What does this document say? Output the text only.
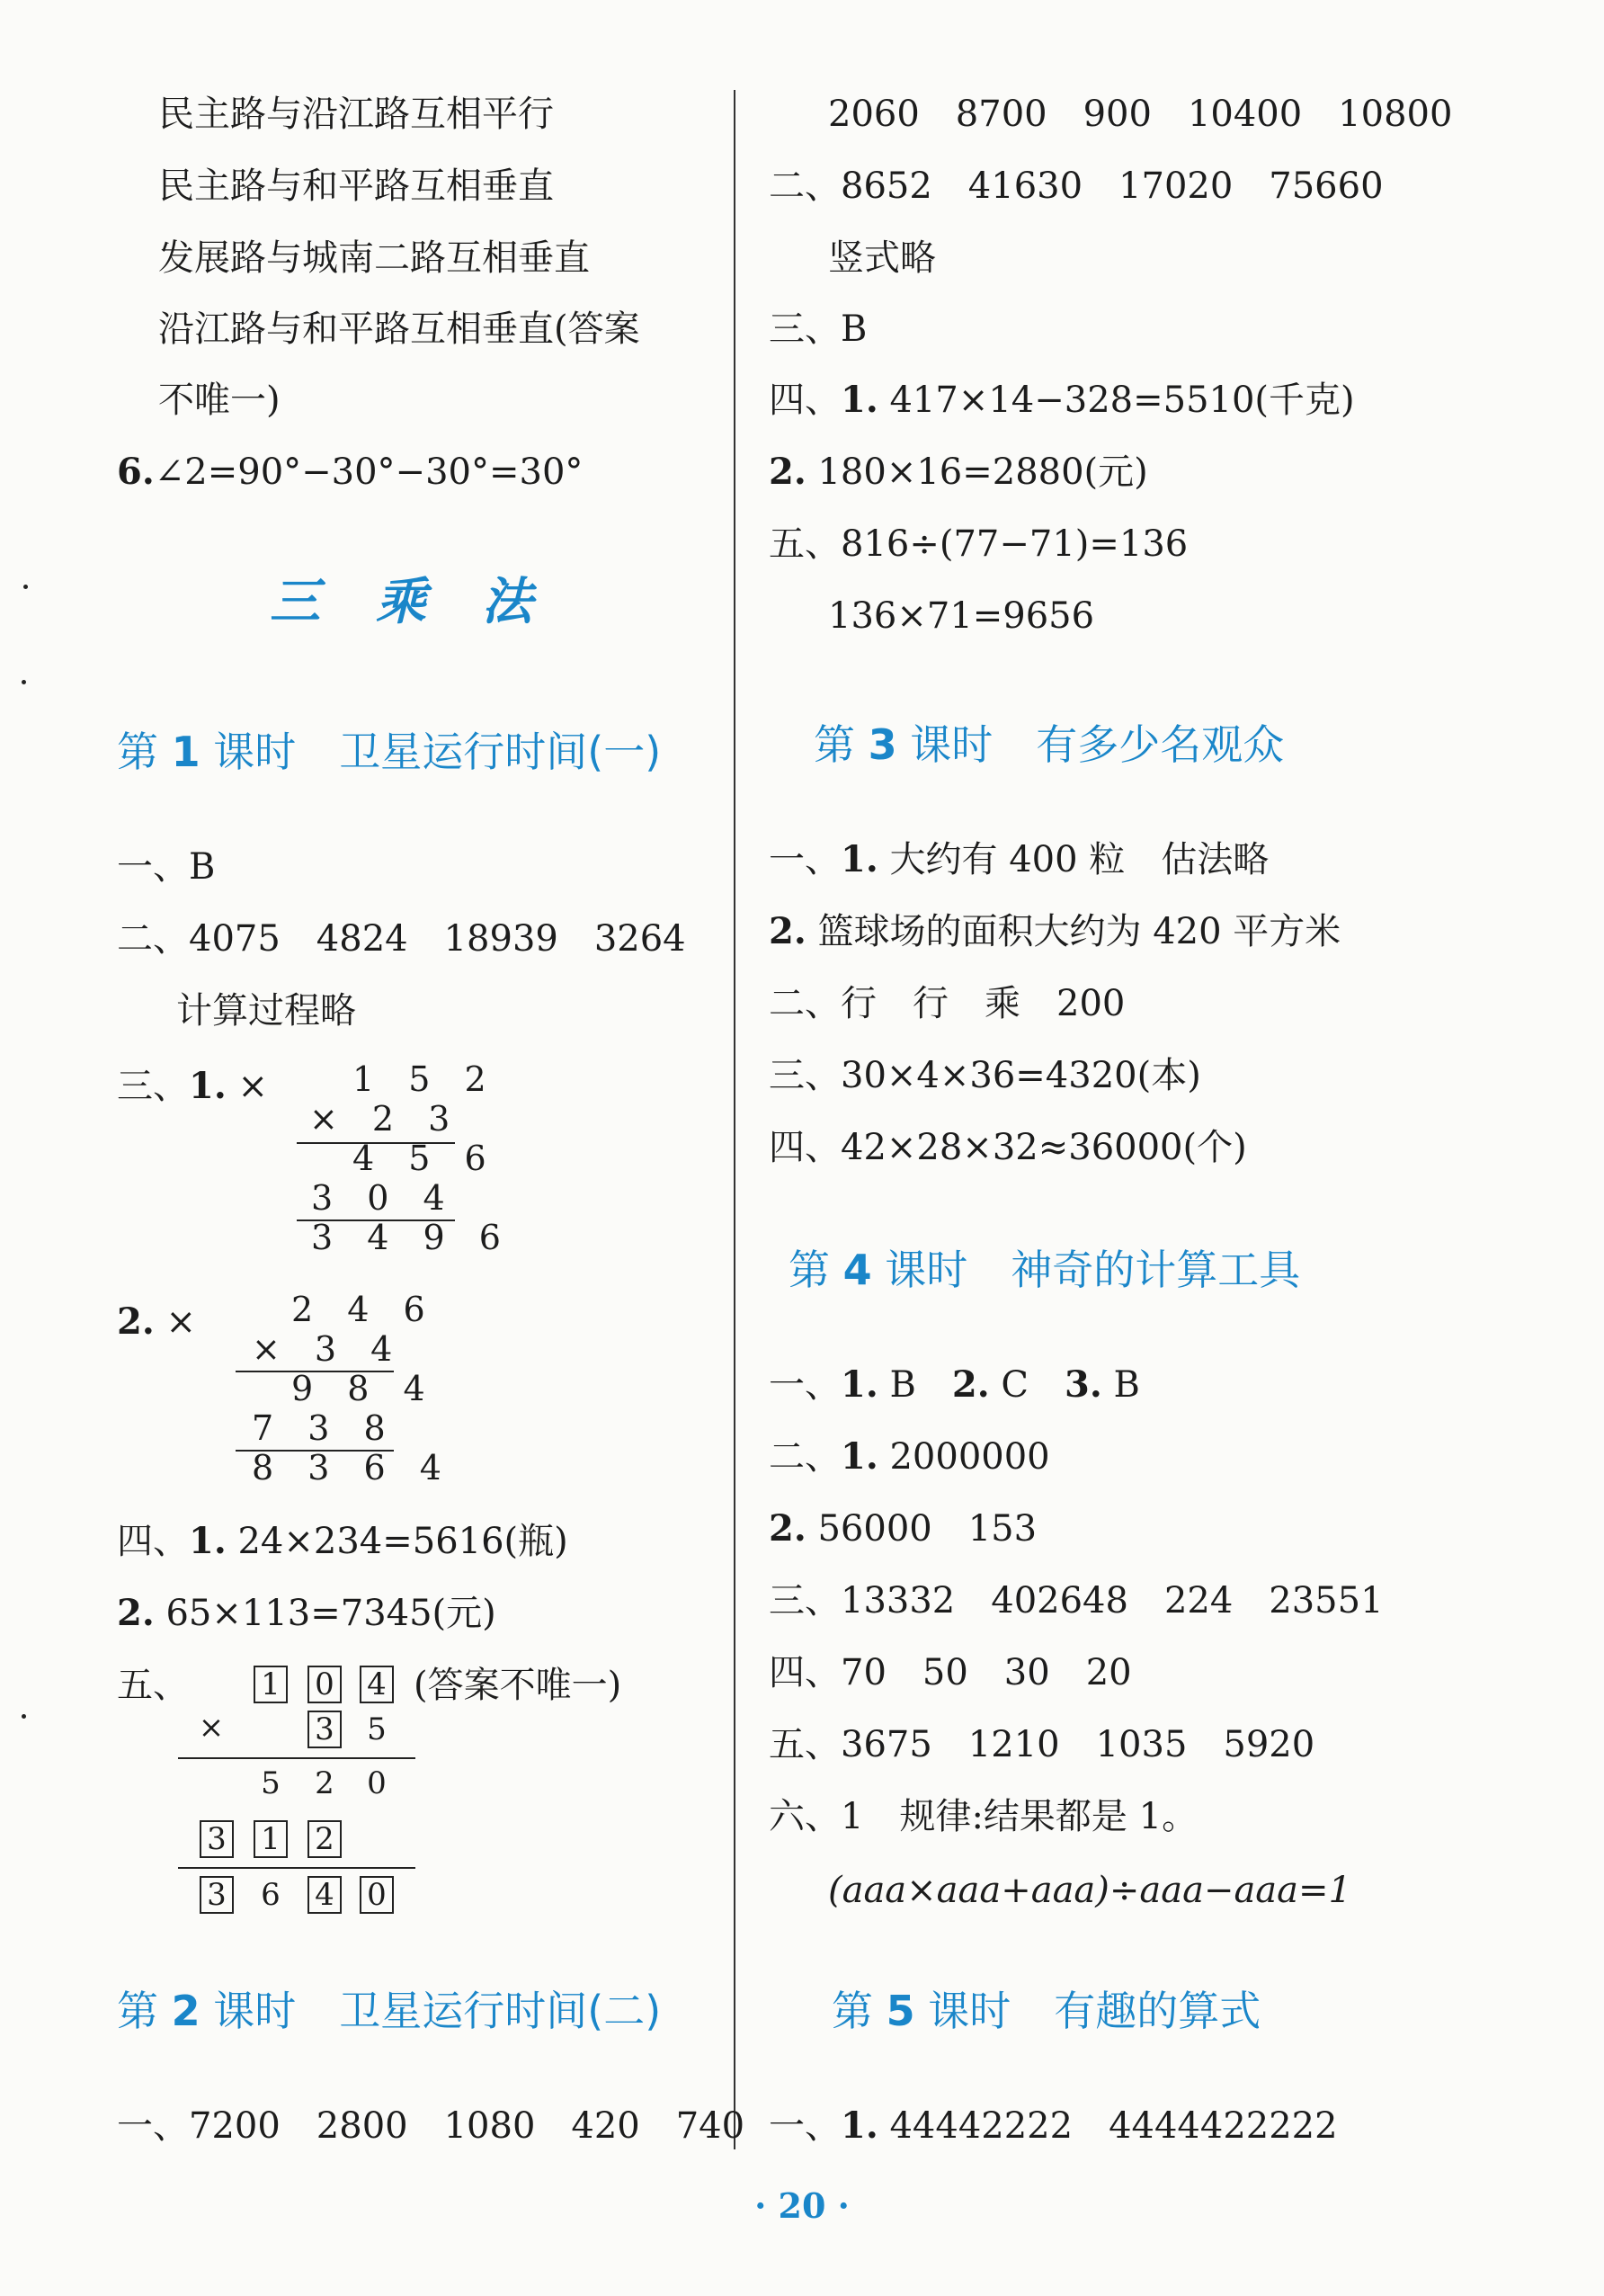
民主路与沿江路互相平行
民主路与和平路互相垂直
发展路与城南二路互相垂直
沿江路与和平路互相垂直(答案
不唯一)
6.∠2=90°−30°−30°=30°
三乘法
第 1 课时 卫星运行时间(一)
一、B
二、4075　4824　18939　3264
计算过程略
三、1. × 1 5 2
× 2 3
4 5 6
3 0 4
3 4 9 6
2. ×	2 4 6
× 3 4
9 8 4
7 3 8
8 3 6 4
四、1. 24×234=5616(瓶)
2. 65×113=7345(元)
五、 1 0 4 (答案不唯一)
×	3 5
5 2 0
3 1 2
3 6 4 0
第 2 课时 卫星运行时间(二)
一、7200　2800　1080　420　740
2060　8700　900　10400　10800
二、8652　41630　17020　75660
竖式略
三、B
四、1. 417×14−328=5510(千克)
2. 180×16=2880(元)
五、816÷(77−71)=136
136×71=9656
第 3 课时 有多少名观众
一、1. 大约有 400 粒　估法略
2. 篮球场的面积大约为 420 平方米
二、行　行　乘　200
三、30×4×36=4320(本)
四、42×28×32≈36000(个)
第 4 课时 神奇的计算工具
一、1. B　 2. C　 3. B
二、1. 2000000
2. 56000　153
三、13332　402648　224　23551
四、70　50　30　20
五、3675　1210　1035　5920
六、1　规律:结果都是 1。
(aaa×aaa+aaa)÷aaa−aaa=1
第 5 课时 有趣的算式
一、1. 44442222　4444422222
· 20 ·
